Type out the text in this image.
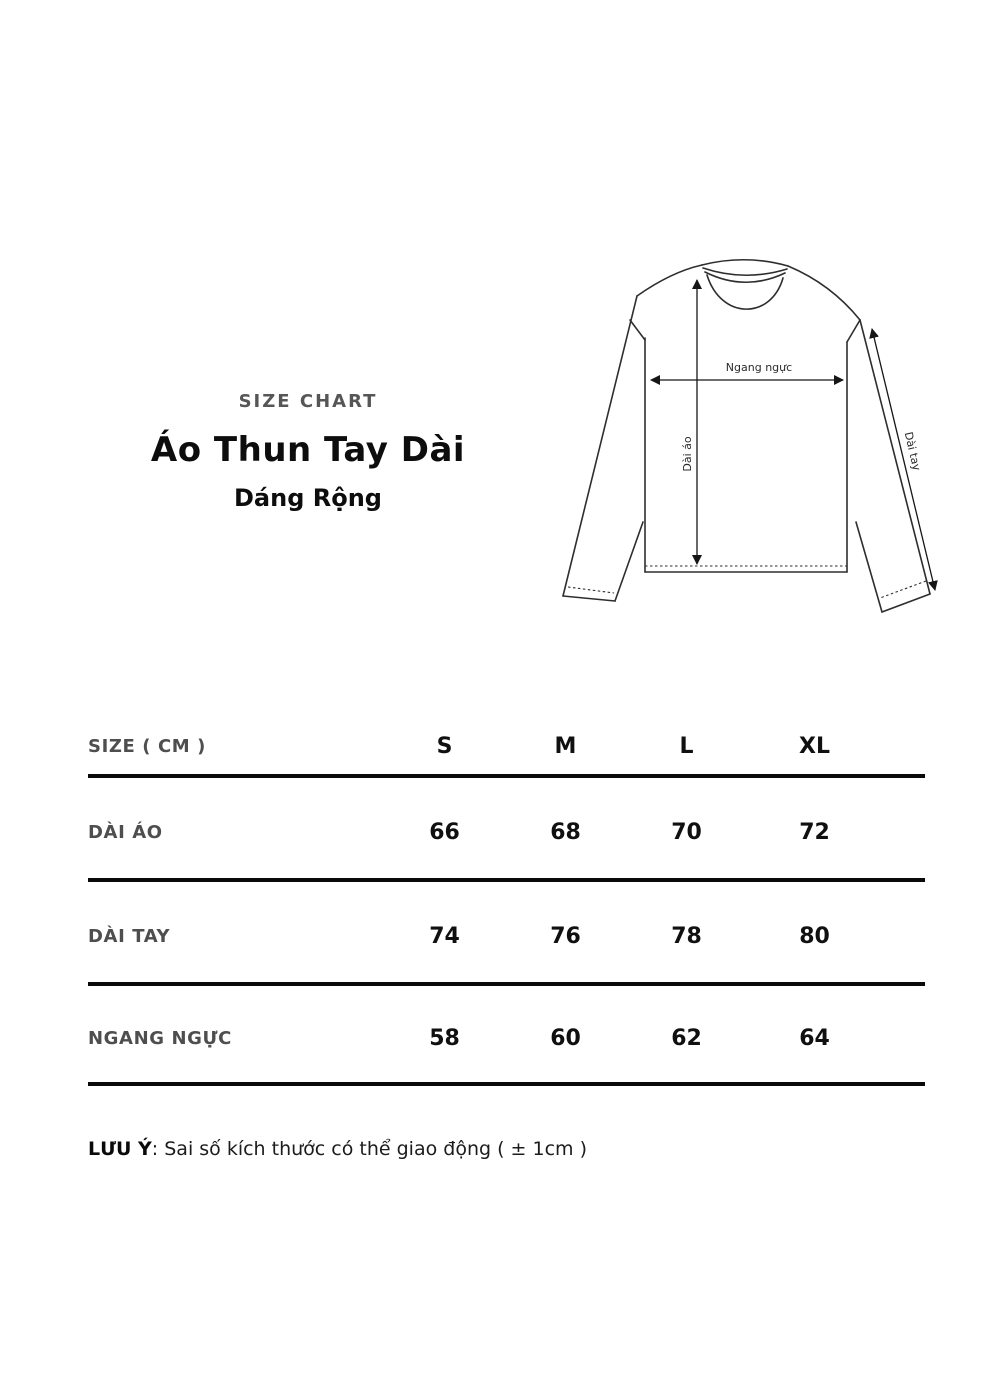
SIZE CHART

Áo Thun Tay Dài
Dáng Rộng
Ngang ngực
Dài áo	Dài tay
SIZE ( CM )	S	M	L	XL
DÀI ÁO	66	68	70	72
DÀI TAY	74	76	78	80
NGANG NGỰC	58	60	62	64

LƯU Ý: Sai số kích thước có thể giao động ( ± 1cm )
